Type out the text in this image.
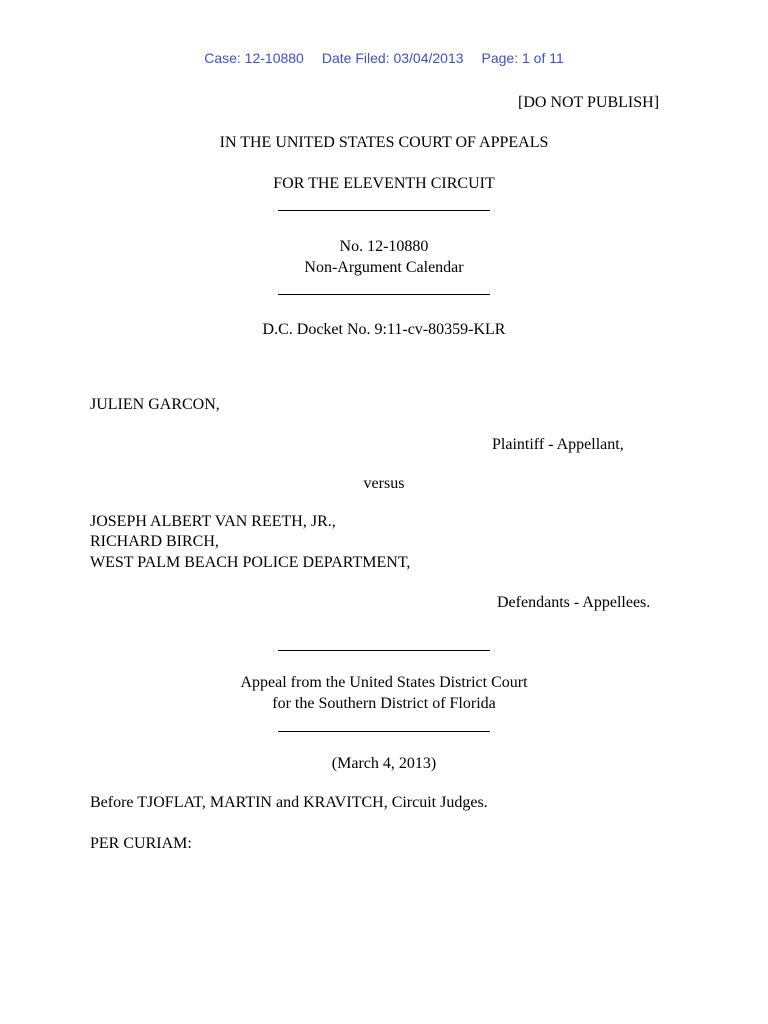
Case: 12-10880 Date Filed: 03/04/2013 Page: 1 of 11
[DO NOT PUBLISH]
IN THE UNITED STATES COURT OF APPEALS
FOR THE ELEVENTH CIRCUIT
No. 12-10880
Non-Argument Calendar
D.C. Docket No. 9:11-cv-80359-KLR
JULIEN GARCON,
Plaintiff - Appellant,
versus
JOSEPH ALBERT VAN REETH, JR.,
RICHARD BIRCH,
WEST PALM BEACH POLICE DEPARTMENT,
Defendants - Appellees.
Appeal from the United States District Court
for the Southern District of Florida
(March 4, 2013)
Before TJOFLAT, MARTIN and KRAVITCH, Circuit Judges.
PER CURIAM:
